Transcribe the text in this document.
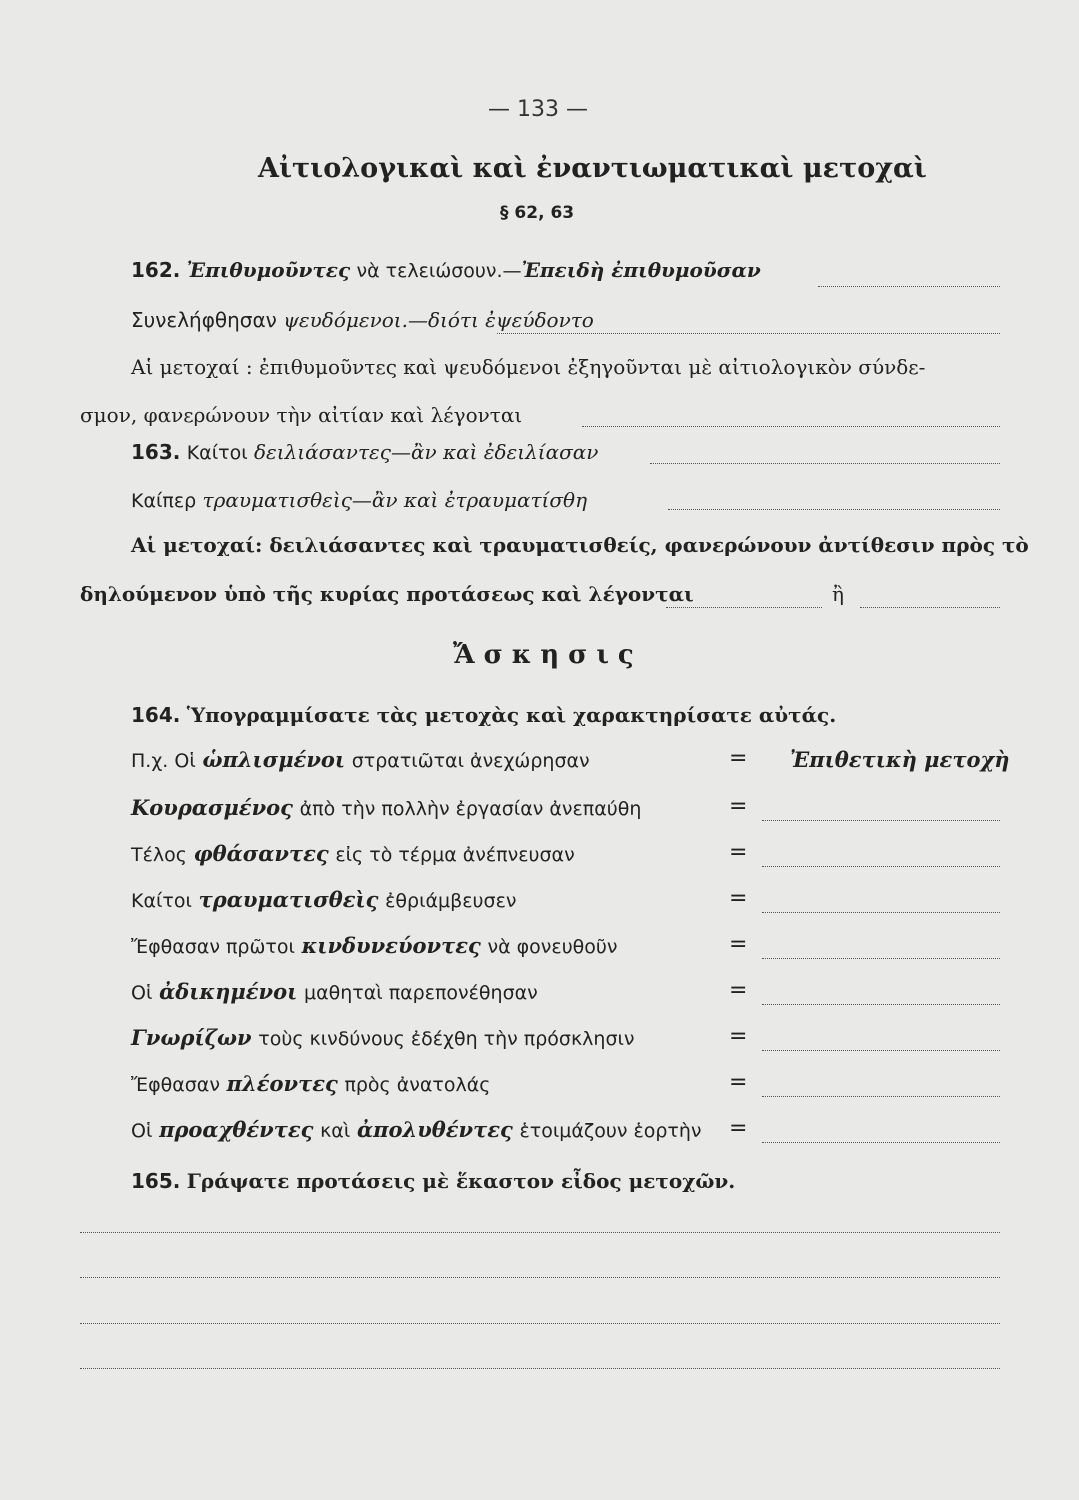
— 133 —
Αἰτιολογικαὶ καὶ ἐναντιωματικαὶ μετοχαὶ
§ 62, 63
162. Ἐπιθυμοῦντες νὰ τελειώσουν.—Ἐπειδὴ ἐπιθυμοῦσαν
Συνελήφθησαν ψευδόμενοι.—διότι ἐψεύδοντο
Αἱ μετοχαί : ἐπιθυμοῦντες καὶ ψευδόμενοι ἐξηγοῦνται μὲ αἰτιολογικὸν σύνδε-
σμον, φανερώνουν τὴν αἰτίαν καὶ λέγονται
163. Καίτοι δειλιάσαντες—ἂν καὶ ἐδειλίασαν
Καίπερ τραυματισθεὶς—ἂν καὶ ἐτραυματίσθη
Αἱ μετοχαί: δειλιάσαντες καὶ τραυματισθείς, φανερώνουν ἀντίθεσιν πρὸς τὸ
δηλούμενον ὑπὸ τῆς κυρίας προτάσεως καὶ λέγονται	ἢ
Ἄσκησις
164. Ὑπογραμμίσατε τὰς μετοχὰς καὶ χαρακτηρίσατε αὐτάς.
Π.χ. Οἱ ὡπλισμένοι στρατιῶται ἀνεχώρησαν	= Ἐπιθετικὴ μετοχὴ
Κουρασμένος ἀπὸ τὴν πολλὴν ἐργασίαν ἀνεπαύθη	=
Τέλος φθάσαντες εἰς τὸ τέρμα ἀνέπνευσαν	=
Καίτοι τραυματισθεὶς ἐθριάμβευσεν	=
Ἔφθασαν πρῶτοι κινδυνεύοντες νὰ φονευθοῦν	=
Οἱ ἀδικημένοι μαθηταὶ παρεπονέθησαν	=
Γνωρίζων τοὺς κινδύνους ἐδέχθη τὴν πρόσκλησιν	=
Ἔφθασαν πλέοντες πρὸς ἀνατολάς	=
Οἱ προαχθέντες καὶ ἀπολυθέντες ἑτοιμάζουν ἑορτὴν =
165. Γράψατε προτάσεις μὲ ἕκαστον εἶδος μετοχῶν.
